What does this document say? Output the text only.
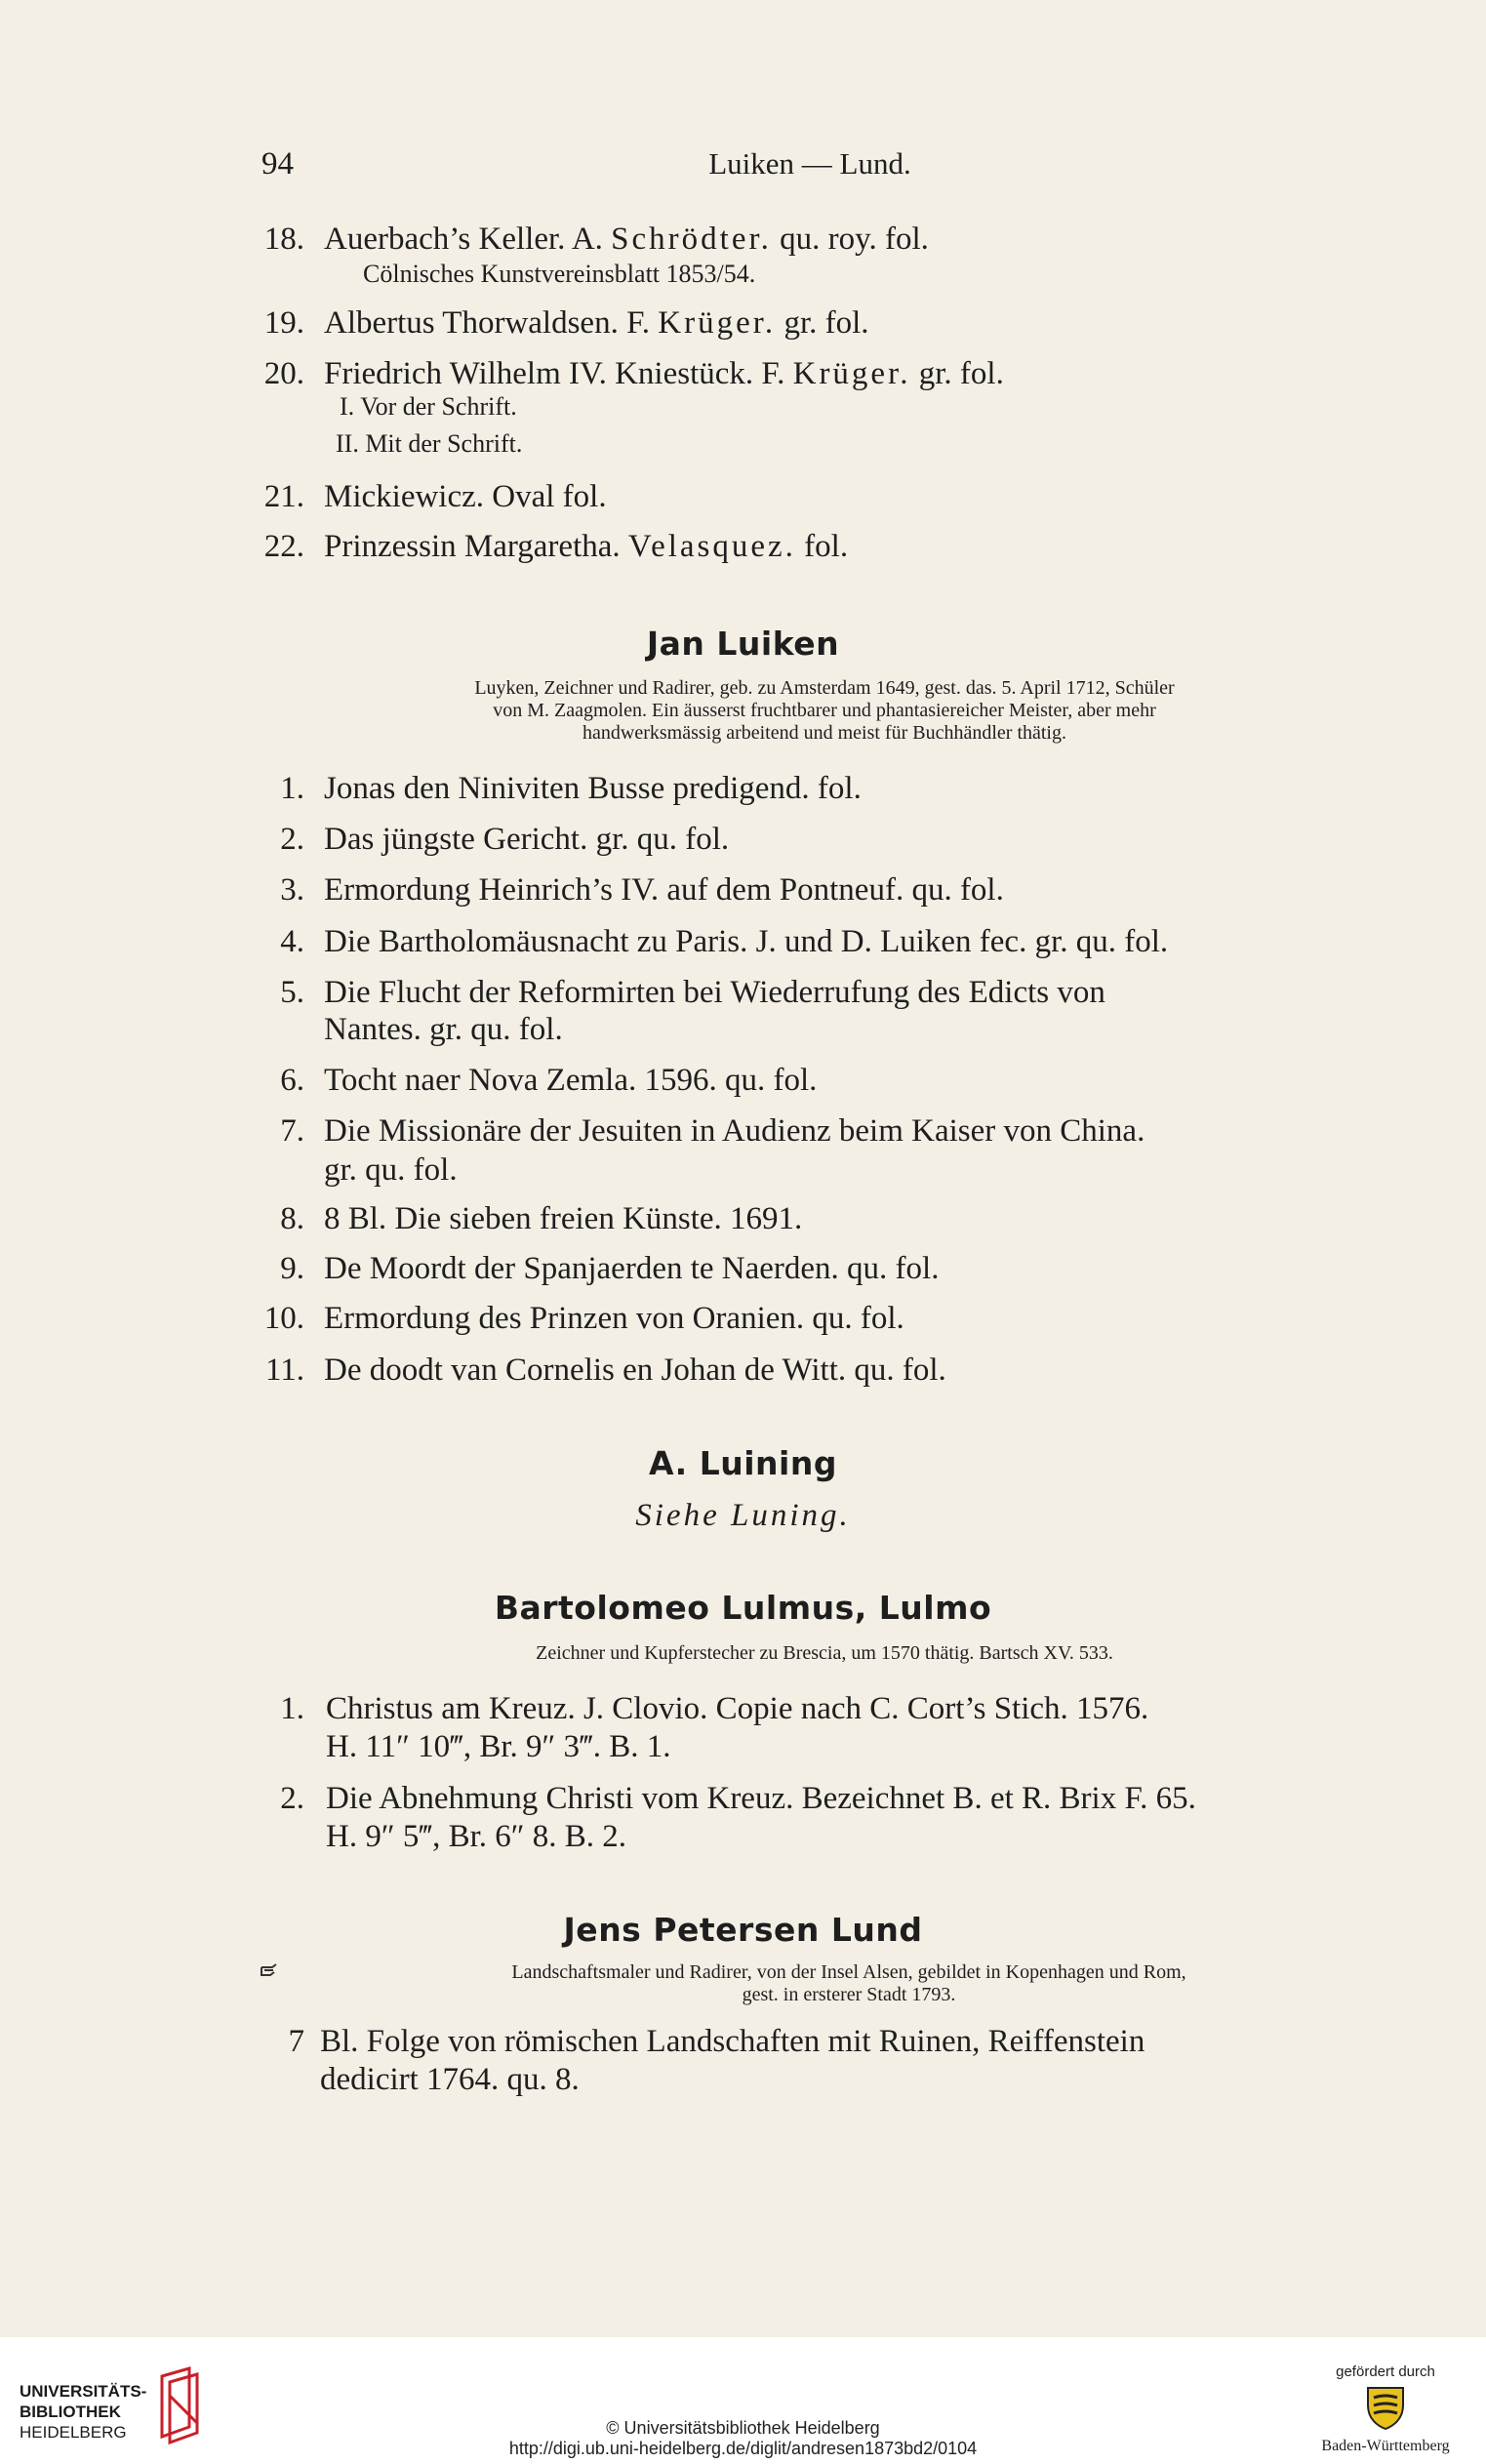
94	Luiken — Lund.
18. Auerbach’s Keller. A. Schrödter. qu. roy. fol.
Cölnisches Kunstvereinsblatt 1853/54.
19. Albertus Thorwaldsen. F. Krüger. gr. fol.
20. Friedrich Wilhelm IV. Kniestück. F. Krüger. gr. fol.
I. Vor der Schrift.
II. Mit der Schrift.
21. Mickiewicz. Oval fol.
22. Prinzessin Margaretha. Velasquez. fol.
Jan Luiken
Luyken, Zeichner und Radirer, geb. zu Amsterdam 1649, gest. das. 5. April 1712, Schüler
von M. Zaagmolen. Ein äusserst fruchtbarer und phantasiereicher Meister, aber mehr
handwerksmässig arbeitend und meist für Buchhändler thätig.
1. Jonas den Niniviten Busse predigend. fol.
2. Das jüngste Gericht. gr. qu. fol.
3. Ermordung Heinrich’s IV. auf dem Pontneuf. qu. fol.
4. Die Bartholomäusnacht zu Paris. J. und D. Luiken fec. gr. qu. fol.
5. Die Flucht der Reformirten bei Wiederrufung des Edicts von
Nantes. gr. qu. fol.
6. Tocht naer Nova Zemla. 1596. qu. fol.
7. Die Missionäre der Jesuiten in Audienz beim Kaiser von China.
gr. qu. fol.
8. 8 Bl. Die sieben freien Künste. 1691.
9. De Moordt der Spanjaerden te Naerden. qu. fol.
10. Ermordung des Prinzen von Oranien. qu. fol.
11. De doodt van Cornelis en Johan de Witt. qu. fol.
A. Luining
Siehe Luning.
Bartolomeo Lulmus, Lulmo
Zeichner und Kupferstecher zu Brescia, um 1570 thätig. Bartsch XV. 533.
1. Christus am Kreuz. J. Clovio. Copie nach C. Cort’s Stich. 1576.
H. 11″ 10‴, Br. 9″ 3‴. B. 1.
2. Die Abnehmung Christi vom Kreuz. Bezeichnet B. et R. Brix F. 65.
H. 9″ 5‴, Br. 6″ 8. B. 2.
Jens Petersen Lund
Landschaftsmaler und Radirer, von der Insel Alsen, gebildet in Kopenhagen und Rom,
gest. in ersterer Stadt 1793.
7 Bl. Folge von römischen Landschaften mit Ruinen, Reiffenstein
dedicirt 1764. qu. 8.
UNIVERSITÄTS-
BIBLIOTHEK
HEIDELBERG	© Universitätsbibliothek Heidelberg
http://digi.ub.uni-heidelberg.de/diglit/andresen1873bd2/0104
gefördert durch
Baden-Württemberg
